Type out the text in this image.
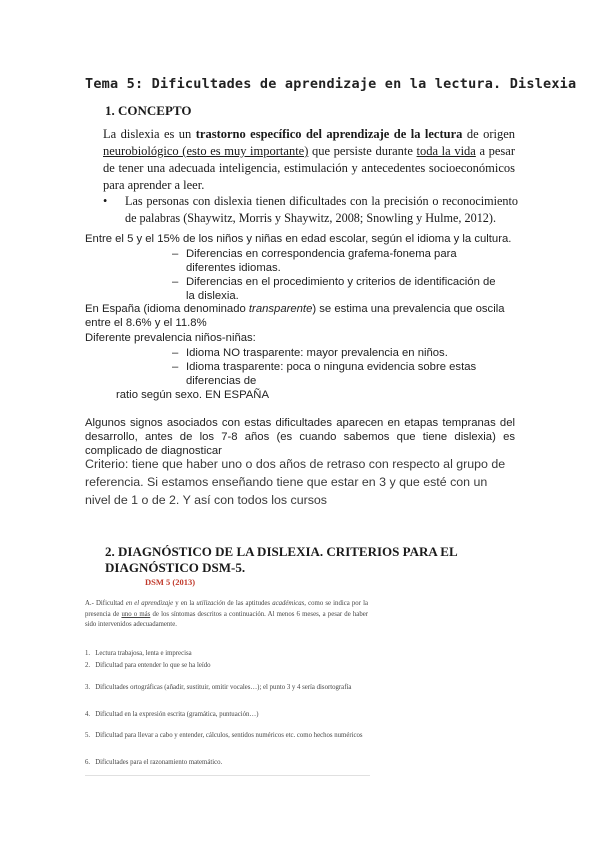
Tema 5: Dificultades de aprendizaje en la lectura. Dislexia
1. CONCEPTO
La dislexia es un trastorno específico del aprendizaje de la lectura de origen neurobiológico (esto es muy importante) que persiste durante toda la vida a pesar de tener una adecuada inteligencia, estimulación y antecedentes socioeconómicos para aprender a leer.
• Las personas con dislexia tienen dificultades con la precisión o reconocimiento de palabras (Shaywitz, Morris y Shaywitz, 2008; Snowling y Hulme, 2012).
Entre el 5 y el 15% de los niños y niñas en edad escolar, según el idioma y la cultura.
– Diferencias en correspondencia grafema-fonema para diferentes idiomas.
– Diferencias en el procedimiento y criterios de identificación de la dislexia.
En España (idioma denominado transparente) se estima una prevalencia que oscila entre el 8.6% y el 11.8%
Diferente prevalencia niños-niñas:
– Idioma NO trasparente: mayor prevalencia en niños.
– Idioma trasparente: poca o ninguna evidencia sobre estas diferencias de
ratio según sexo. EN ESPAÑA
Algunos signos asociados con estas dificultades aparecen en etapas tempranas del desarrollo, antes de los 7-8 años (es cuando sabemos que tiene dislexia) es complicado de diagnosticar
Criterio: tiene que haber uno o dos años de retraso con respecto al grupo de referencia. Si estamos enseñando tiene que estar en 3 y que esté con un nivel de 1 o de 2. Y así con todos los cursos
2. DIAGNÓSTICO DE LA DISLEXIA. CRITERIOS PARA EL DIAGNÓSTICO DSM-5.
DSM 5 (2013)

A.- Dificultad en el aprendizaje y en la utilización de las aptitudes académicas, como se indica por la presencia de uno o más de los síntomas descritos a continuación. Al menos 6 meses, a pesar de haber sido intervenidos adecuadamente.

1. Lectura trabajosa, lenta e imprecisa
2. Dificultad para entender lo que se ha leído
3. Dificultades ortográficas (añadir, sustituir, omitir vocales…); el punto 3 y 4 sería disortografía
4. Dificultad en la expresión escrita (gramática, puntuación…)
5. Dificultad para llevar a cabo y entender, cálculos, sentidos numéricos etc. como hechos numéricos
6. Dificultades para el razonamiento matemático.
